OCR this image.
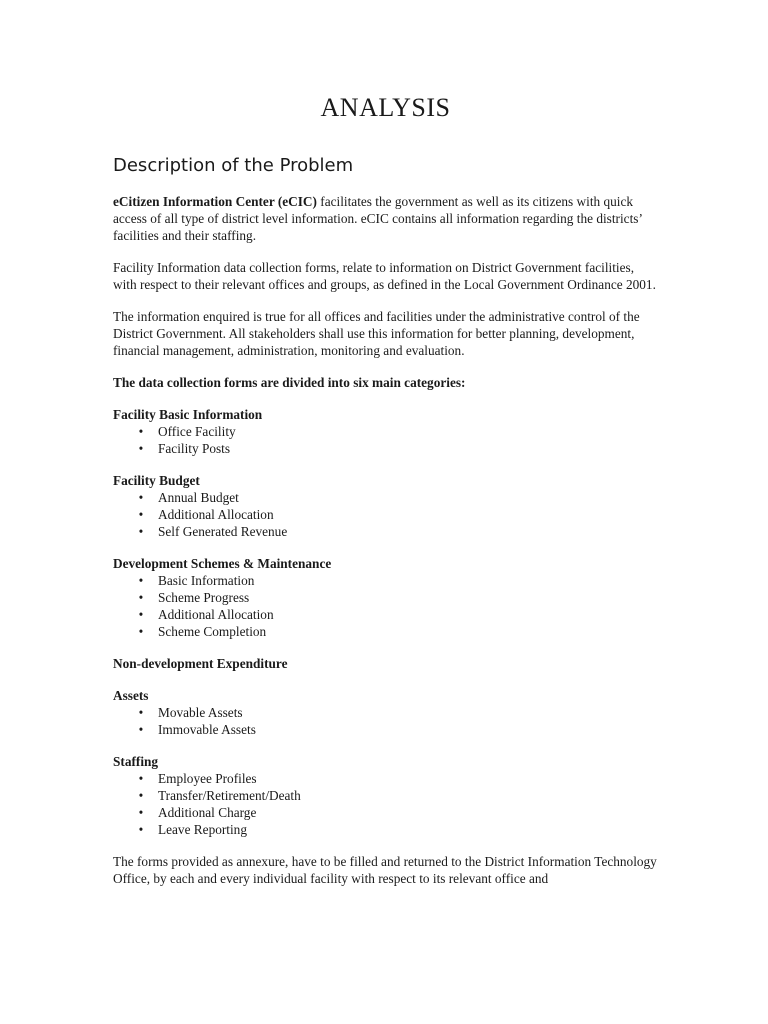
ANALYSIS
Description of the Problem

eCitizen Information Center (eCIC) facilitates the government as well as its citizens with quick access of all type of district level information. eCIC contains all information regarding the districts’ facilities and their staffing.

Facility Information data collection forms, relate to information on District Government facilities, with respect to their relevant offices and groups, as defined in the Local Government Ordinance 2001.

The information enquired is true for all offices and facilities under the administrative control of the District Government. All stakeholders shall use this information for better planning, development, financial management, administration, monitoring and evaluation.

The data collection forms are divided into six main categories:

Facility Basic Information
• Office Facility
• Facility Posts
Facility Budget
• Annual Budget
• Additional Allocation
• Self Generated Revenue
Development Schemes & Maintenance
• Basic Information
• Scheme Progress
• Additional Allocation
• Scheme Completion
Non-development Expenditure
Assets
• Movable Assets
• Immovable Assets
Staffing
• Employee Profiles
• Transfer/Retirement/Death
• Additional Charge
• Leave Reporting

The forms provided as annexure, have to be filled and returned to the District Information Technology Office, by each and every individual facility with respect to its relevant office and
